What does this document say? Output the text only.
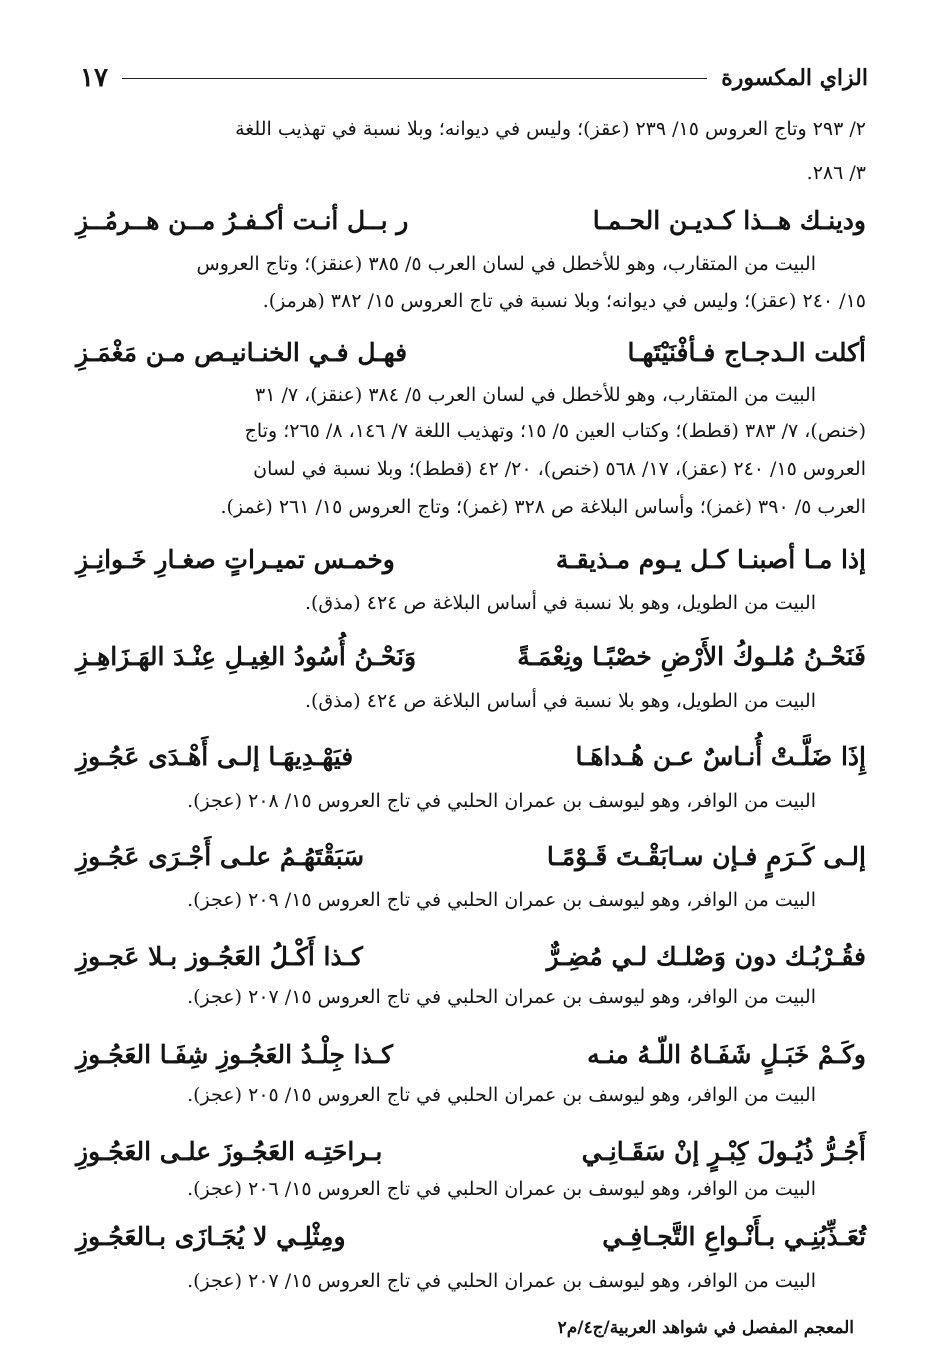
الزاي المكسورة
١٧
٢/ ٢٩٣ وتاج العروس ١٥/ ٢٣٩ (عقز)؛ وليس في ديوانه؛ وبلا نسبة في تهذيب اللغة
٣/ ٢٨٦.
ودينـك هــذا كـديـن الحـمـا
ر بــل أنـت أكـفـرُ مــن هــرمُــزِ
البيت من المتقارب، وهو للأخطل في لسان العرب ٥/ ٣٨٥ (عنقز)؛ وتاج العروس
١٥/ ٢٤٠ (عقز)؛ وليس في ديوانه؛ وبلا نسبة في تاج العروس ١٥/ ٣٨٢ (هرمز).
أكلت الـدجـاج فـأفْنَيْتَهـا
فهـل فـي الخنـانيـص مـن مَغْمَـزِ
البيت من المتقارب، وهو للأخطل في لسان العرب ٥/ ٣٨٤ (عنقز)، ٧/ ٣١
(خنص)، ٧/ ٣٨٣ (قطط)؛ وكتاب العين ٥/ ١٥؛ وتهذيب اللغة ٧/ ١٤٦، ٨/ ٢٦٥؛ وتاج
العروس ١٥/ ٢٤٠ (عقز)، ١٧/ ٥٦٨ (خنص)، ٢٠/ ٤٢ (قطط)؛ وبلا نسبة في لسان
العرب ٥/ ٣٩٠ (غمز)؛ وأساس البلاغة ص ٣٢٨ (غمز)؛ وتاج العروس ١٥/ ٢٦١ (غمز).
إذا مـا أصبنـا كـل يـوم مـذيقـة
وخمـس تميـراتٍ صغـارِ خَـوانِـزِ
البيت من الطويل، وهو بلا نسبة في أساس البلاغة ص ٤٢٤ (مذق).
فَنَحْـنُ مُلـوكُ الأَرْضِ خصْبًـا ونِعْمَـةً
وَنَحْـنُ أُسُودُ الغِيـلِ عِنْـدَ الهَـزَاهِـزِ
البيت من الطويل، وهو بلا نسبة في أساس البلاغة ص ٤٢٤ (مذق).
إِذَا ضَلَّـتْ أُنـاسٌ عـن هُـداهَـا
فيَهْـدِيهَـا إلـى أَهْـدَى عَجُـوزِ
البيت من الوافر، وهو ليوسف بن عمران الحلبي في تاج العروس ١٥/ ٢٠٨ (عجز).
إلـى كَـرَمٍ فـإن سـابَقْـتَ قَـوْمًـا
سَبَقْتَهُـمُ علـى أَجْـرَى عَجُـوزِ
البيت من الوافر، وهو ليوسف بن عمران الحلبي في تاج العروس ١٥/ ٢٠٩ (عجز).
فقُـرْبُـك دون وَصْلـك لـي مُضِـرٌّ
كـذا أَكْـلُ العَجُـوز بـلا عَجـوزِ
البيت من الوافر، وهو ليوسف بن عمران الحلبي في تاج العروس ١٥/ ٢٠٧ (عجز).
وكَـمْ خَبَـلٍ شَفَـاهُ اللّـهُ منـه
كـذا جِلْـدُ العَجُـوزِ شِفَـا العَجُـوزِ
البيت من الوافر، وهو ليوسف بن عمران الحلبي في تاج العروس ١٥/ ٢٠٥ (عجز).
أَجُـرُّ ذُيُـولَ كِبْـرٍ إنْ سَقَـانِـي
بـراحَتِـه العَجُـوزَ علـى العَجُـوزِ
البيت من الوافر، وهو ليوسف بن عمران الحلبي في تاج العروس ١٥/ ٢٠٦ (عجز).
تُعَـذِّبُنِـي بـأَنْـواعِ التَّجـافِـي
ومِثْلِـي لا يُجَـازَى بـالعَجُـوزِ
البيت من الوافر، وهو ليوسف بن عمران الحلبي في تاج العروس ١٥/ ٢٠٧ (عجز).
المعجم المفصل في شواهد العربية/ج٤/م٢
